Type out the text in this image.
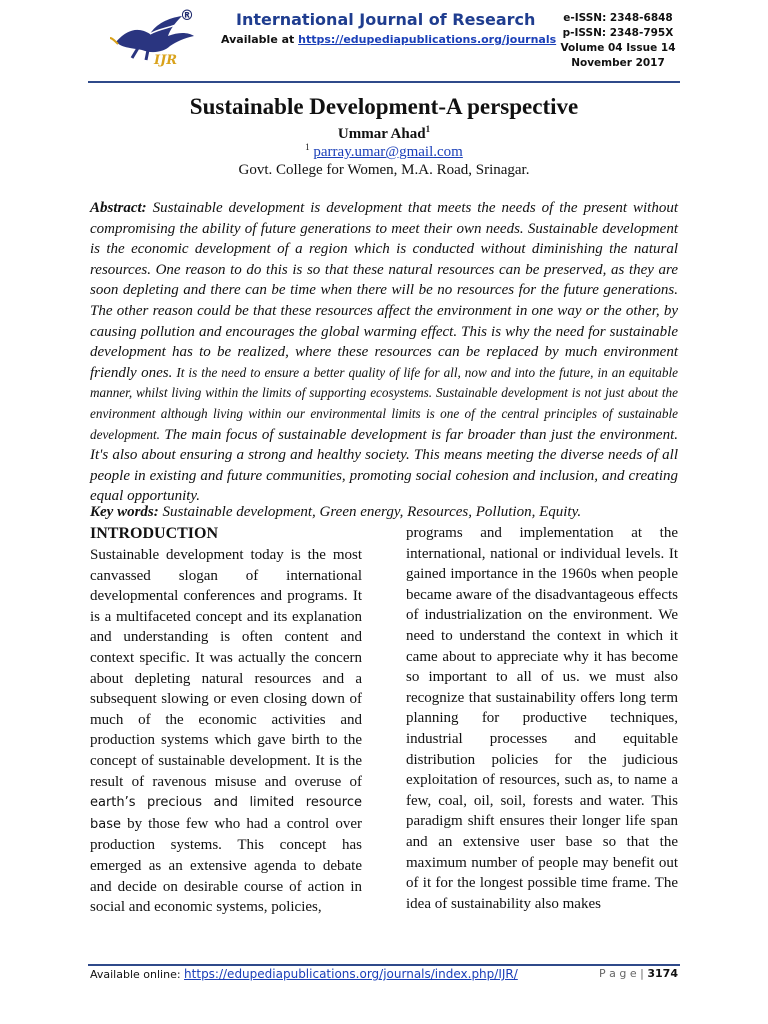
IJR
®	International Journal of Research
Available at https://edupediapublications.org/journals
e-ISSN: 2348-6848
p-ISSN: 2348-795X
Volume 04 Issue 14
November 2017
Sustainable Development-A perspective
Ummar Ahad$^1$
$^1$ parray.umar@gmail.com
Govt. College for Women, M.A. Road, Srinagar.
Abstract: Sustainable development is development that meets the needs of the present without compromising the ability of future generations to meet their own needs. Sustainable development is the economic development of a region which is conducted without diminishing the natural resources. One reason to do this is so that these natural resources can be preserved, as they are soon depleting and there can be time when there will be no resources for the future generations. The other reason could be that these resources affect the environment in one way or the other, by causing pollution and encourages the global warming effect. This is why the need for sustainable development has to be realized, where these resources can be replaced by much environment friendly ones. It is the need to ensure a better quality of life for all, now and into the future, in an equitable manner, whilst living within the limits of supporting ecosystems. Sustainable development is not just about the environment although living within our environmental limits is one of the central principles of sustainable development. The main focus of sustainable development is far broader than just the environment. It's also about ensuring a strong and healthy society. This means meeting the diverse needs of all people in existing and future communities, promoting social cohesion and inclusion, and creating equal opportunity.
Key words: Sustainable development, Green energy, Resources, Pollution, Equity.

INTRODUCTION

Sustainable development today is the most canvassed slogan of international developmental conferences and programs. It is a multifaceted concept and its explanation and understanding is often content and context specific. It was actually the concern about depleting natural resources and a subsequent slowing or even closing down of much of the economic activities and production systems which gave birth to the concept of sustainable development. It is the result of ravenous misuse and overuse of earth’s precious and limited resource base by those few who had a control over production systems. This concept has emerged as an extensive agenda to debate and decide on desirable course of action in social and economic systems, policies,

programs and implementation at the international, national or individual levels. It gained importance in the 1960s when people became aware of the disadvantageous effects of industrialization on the environment. We need to understand the context in which it came about to appreciate why it has become so important to all of us. we must also recognize that sustainability offers long term planning for productive techniques, industrial processes and equitable distribution policies for the judicious exploitation of resources, such as, to name a few, coal, oil, soil, forests and water. This paradigm shift ensures their longer life span and an extensive user base so that the maximum number of people may benefit out of it for the longest possible time frame. The idea of sustainability also makes

Available online: https://edupediapublications.org/journals/index.php/IJR/	P a g e | 3174
